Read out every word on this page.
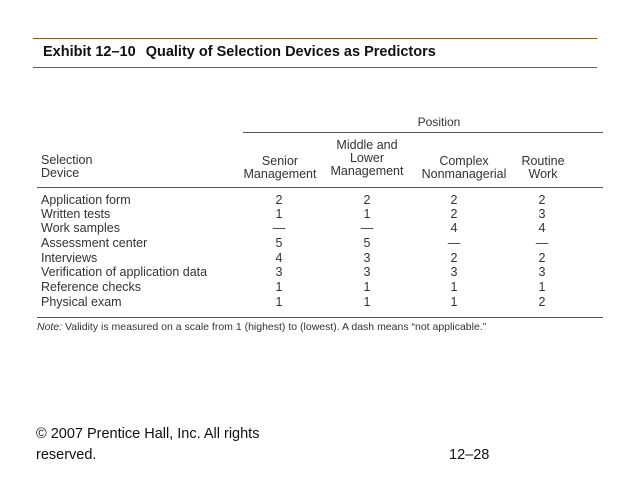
Exhibit 12–10 Quality of Selection Devices as Predictors
Position
Selection Device
Senior Management
Middle and Lower Management
Complex Nonmanagerial
Routine Work
Application form	2	2	2	2
Written tests	1	1	2	3
Work samples	—	—	4	4
Assessment center	5	5	—	—
Interviews	4	3	2	2
Verification of application data	3	3	3	3
Reference checks	1	1	1	1
Physical exam	1	1	1	2
Note: Validity is measured on a scale from 1 (highest) to (lowest). A dash means “not applicable.”
© 2007 Prentice Hall, Inc. All rights reserved.	12–28
